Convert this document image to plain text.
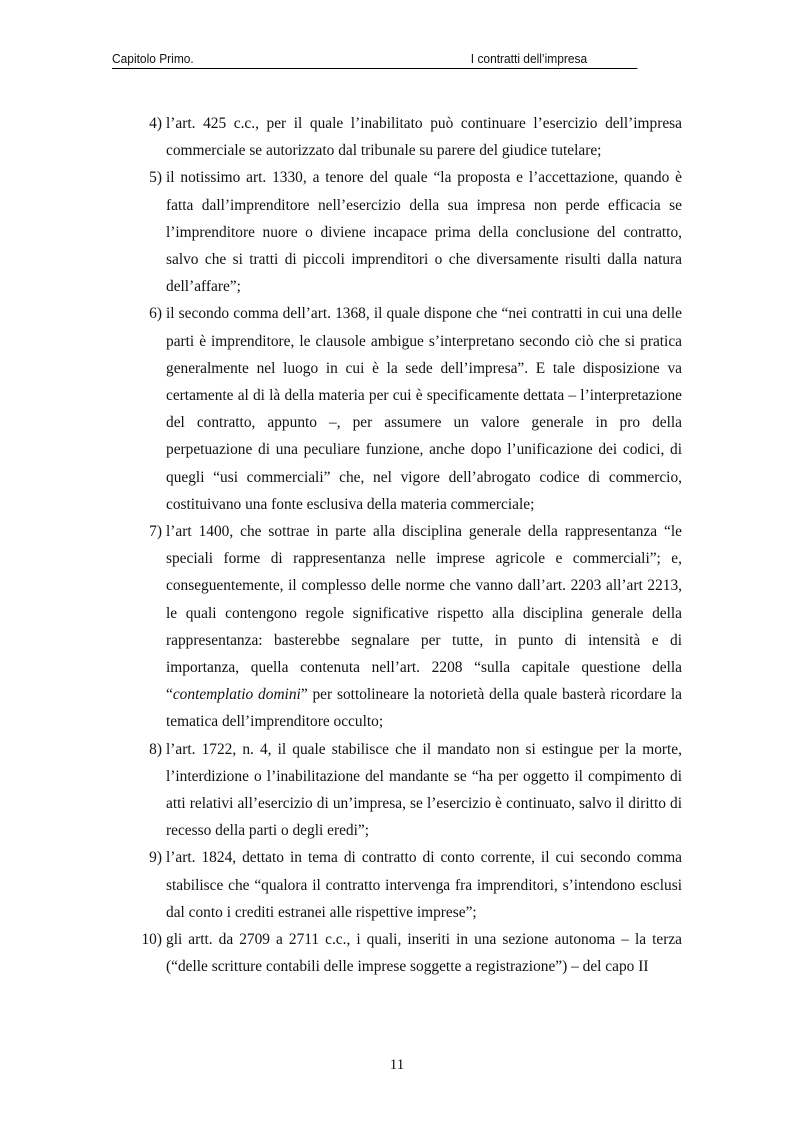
Capitolo Primo.	I contratti dell’impresa

4) l’art. 425 c.c., per il quale l’inabilitato può continuare l’esercizio dell’impresa commerciale se autorizzato dal tribunale su parere del giudice tutelare;

5) il notissimo art. 1330, a tenore del quale “la proposta e l’accettazione, quando è fatta dall’imprenditore nell’esercizio della sua impresa non perde efficacia se l’imprenditore nuore o diviene incapace prima della conclusione del contratto, salvo che si tratti di piccoli imprenditori o che diversamente risulti dalla natura dell’affare”;

6) il secondo comma dell’art. 1368, il quale dispone che “nei contratti in cui una delle parti è imprenditore, le clausole ambigue s’interpretano secondo ciò che si pratica generalmente nel luogo in cui è la sede dell’impresa”. E tale disposizione va certamente al di là della materia per cui è specificamente dettata – l’interpretazione del contratto, appunto –, per assumere un valore generale in pro della perpetuazione di una peculiare funzione, anche dopo l’unificazione dei codici, di quegli “usi commerciali” che, nel vigore dell’abrogato codice di commercio, costituivano una fonte esclusiva della materia commerciale;

7) l’art 1400, che sottrae in parte alla disciplina generale della rappresentanza “le speciali forme di rappresentanza nelle imprese agricole e commerciali”; e, conseguentemente, il complesso delle norme che vanno dall’art. 2203 all’art 2213, le quali contengono regole significative rispetto alla disciplina generale della rappresentanza: basterebbe segnalare per tutte, in punto di intensità e di importanza, quella contenuta nell’art. 2208 “sulla capitale questione della “contemplatio domini” per sottolineare la notorietà della quale basterà ricordare la tematica dell’imprenditore occulto;

8) l’art. 1722, n. 4, il quale stabilisce che il mandato non si estingue per la morte, l’interdizione o l’inabilitazione del mandante se “ha per oggetto il compimento di atti relativi all’esercizio di un’impresa, se l’esercizio è continuato, salvo il diritto di recesso della parti o degli eredi”;

9) l’art. 1824, dettato in tema di contratto di conto corrente, il cui secondo comma stabilisce che “qualora il contratto intervenga fra imprenditori, s’intendono esclusi dal conto i crediti estranei alle rispettive imprese”;

10) gli artt. da 2709 a 2711 c.c., i quali, inseriti in una sezione autonoma – la terza (“delle scritture contabili delle imprese soggette a registrazione”) – del capo II

11
